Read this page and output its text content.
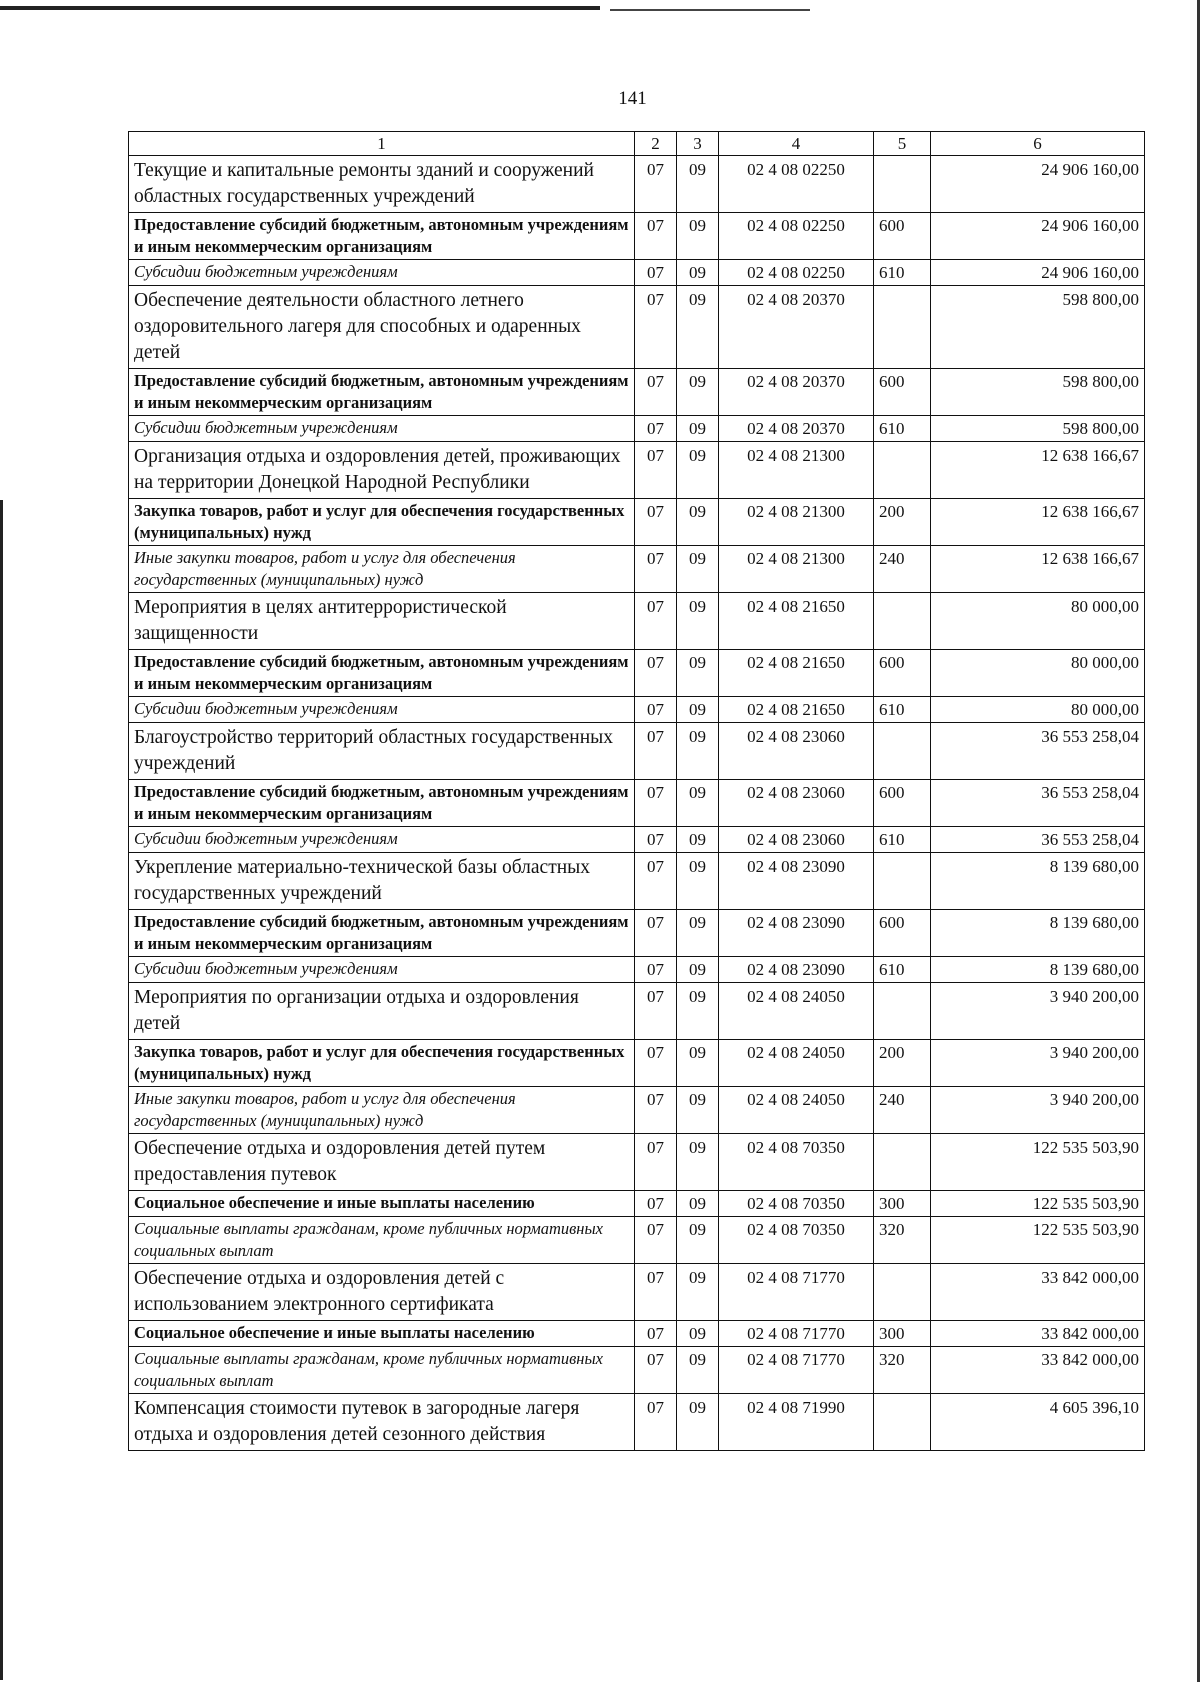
141
1	2	3	4	5	6
Текущие и капитальные ремонты зданий и сооружений областных государственных учреждений	07	09	02 4 08 02250		24 906 160,00
Предоставление субсидий бюджетным, автономным учреждениям и иным некоммерческим организациям	07	09	02 4 08 02250	600	24 906 160,00
Субсидии бюджетным учреждениям	07	09	02 4 08 02250	610	24 906 160,00
Обеспечение деятельности областного летнего оздоровительного лагеря для способных и одаренных детей	07	09	02 4 08 20370		598 800,00
Предоставление субсидий бюджетным, автономным учреждениям и иным некоммерческим организациям	07	09	02 4 08 20370	600	598 800,00
Субсидии бюджетным учреждениям	07	09	02 4 08 20370	610	598 800,00
Организация отдыха и оздоровления детей, проживающих на территории Донецкой Народной Республики	07	09	02 4 08 21300		12 638 166,67
Закупка товаров, работ и услуг для обеспечения государственных (муниципальных) нужд	07	09	02 4 08 21300	200	12 638 166,67
Иные закупки товаров, работ и услуг для обеспечения государственных (муниципальных) нужд	07	09	02 4 08 21300	240	12 638 166,67
Мероприятия в целях антитеррористической защищенности	07	09	02 4 08 21650		80 000,00
Предоставление субсидий бюджетным, автономным учреждениям и иным некоммерческим организациям	07	09	02 4 08 21650	600	80 000,00
Субсидии бюджетным учреждениям	07	09	02 4 08 21650	610	80 000,00
Благоустройство территорий областных государственных учреждений	07	09	02 4 08 23060		36 553 258,04
Предоставление субсидий бюджетным, автономным учреждениям и иным некоммерческим организациям	07	09	02 4 08 23060	600	36 553 258,04
Субсидии бюджетным учреждениям	07	09	02 4 08 23060	610	36 553 258,04
Укрепление материально-технической базы областных государственных учреждений	07	09	02 4 08 23090		8 139 680,00
Предоставление субсидий бюджетным, автономным учреждениям и иным некоммерческим организациям	07	09	02 4 08 23090	600	8 139 680,00
Субсидии бюджетным учреждениям	07	09	02 4 08 23090	610	8 139 680,00
Мероприятия по организации отдыха и оздоровления детей	07	09	02 4 08 24050		3 940 200,00
Закупка товаров, работ и услуг для обеспечения государственных (муниципальных) нужд	07	09	02 4 08 24050	200	3 940 200,00
Иные закупки товаров, работ и услуг для обеспечения государственных (муниципальных) нужд	07	09	02 4 08 24050	240	3 940 200,00
Обеспечение отдыха и оздоровления детей путем предоставления путевок	07	09	02 4 08 70350		122 535 503,90
Социальное обеспечение и иные выплаты населению	07	09	02 4 08 70350	300	122 535 503,90
Социальные выплаты гражданам, кроме публичных нормативных социальных выплат	07	09	02 4 08 70350	320	122 535 503,90
Обеспечение отдыха и оздоровления детей с использованием электронного сертификата	07	09	02 4 08 71770		33 842 000,00
Социальное обеспечение и иные выплаты населению	07	09	02 4 08 71770	300	33 842 000,00
Социальные выплаты гражданам, кроме публичных нормативных социальных выплат	07	09	02 4 08 71770	320	33 842 000,00
Компенсация стоимости путевок в загородные лагеря отдыха и оздоровления детей сезонного действия	07	09	02 4 08 71990		4 605 396,10
